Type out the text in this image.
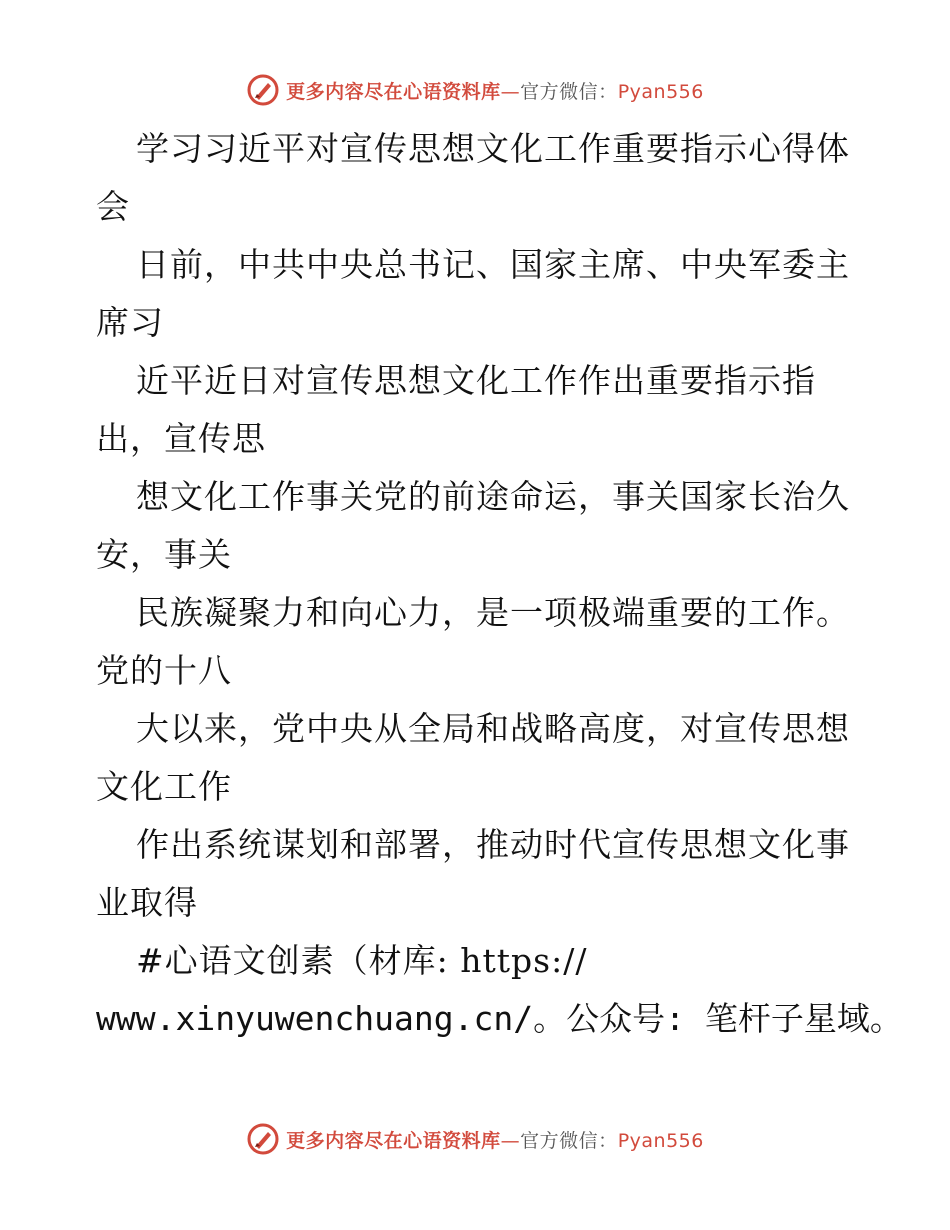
更多内容尽在心语资料库 — 官方微信： Pyan556
学习习近平对宣传思想文化工作重要指示心得体
会
日前，中共中央总书记、国家主席、中央军委主
席习
近平近日对宣传思想文化工作作出重要指示指
出，宣传思
想文化工作事关党的前途命运，事关国家长治久
安，事关
民族凝聚力和向心力，是一项极端重要的工作。
党的十八
大以来，党中央从全局和战略高度，对宣传思想
文化工作
作出系统谋划和部署，推动时代宣传思想文化事
业取得
#心语文创素（材库: https://
www.xinyuwenchuang.cn/。公众号: 笔杆子星域。
更多内容尽在心语资料库 — 官方微信： Pyan556
